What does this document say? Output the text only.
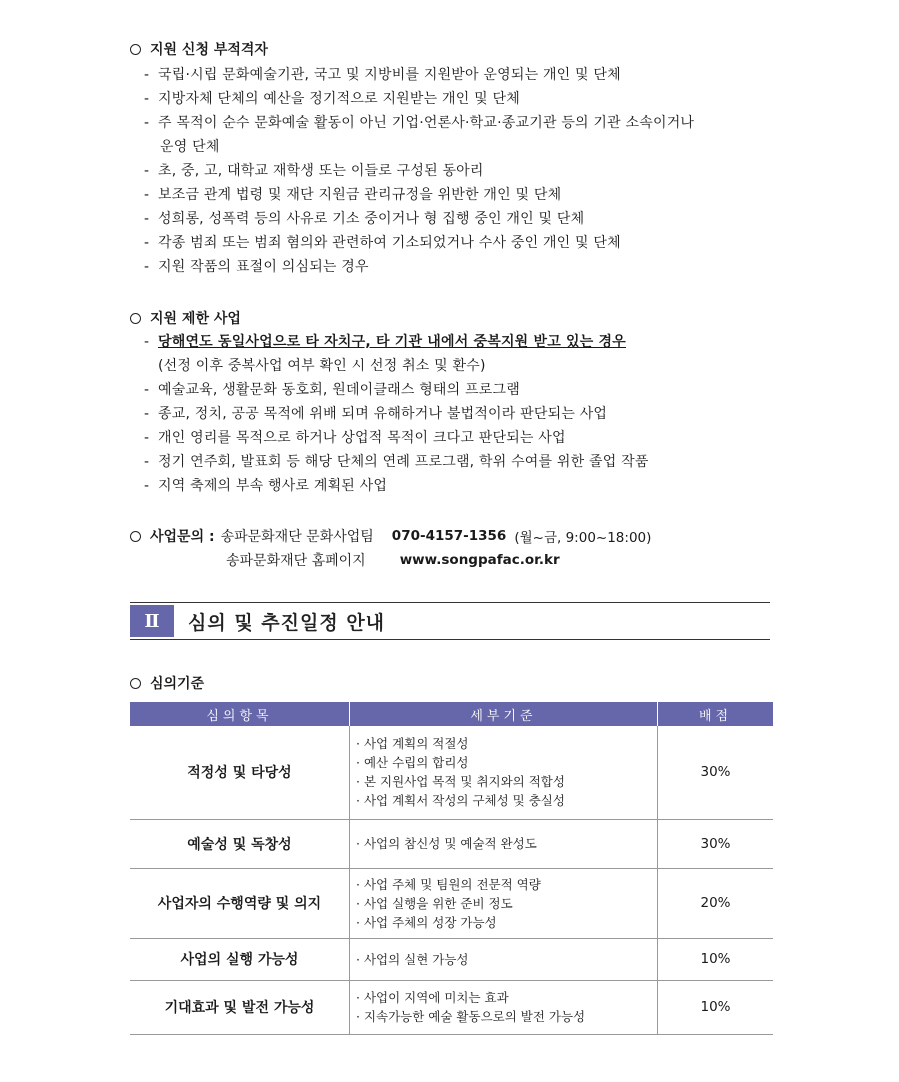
지원 신청 부적격자
- 국립·시립 문화예술기관, 국고 및 지방비를 지원받아 운영되는 개인 및 단체
- 지방자체 단체의 예산을 정기적으로 지원받는 개인 및 단체
- 주 목적이 순수 문화예술 활동이 아닌 기업·언론사·학교·종교기관 등의 기관 소속이거나
운영 단체
- 초, 중, 고, 대학교 재학생 또는 이들로 구성된 동아리
- 보조금 관계 법령 및 재단 지원금 관리규정을 위반한 개인 및 단체
- 성희롱, 성폭력 등의 사유로 기소 중이거나 형 집행 중인 개인 및 단체
- 각종 범죄 또는 범죄 혐의와 관련하여 기소되었거나 수사 중인 개인 및 단체
- 지원 작품의 표절이 의심되는 경우
지원 제한 사업
- 당해연도 동일사업으로 타 자치구, 타 기관 내에서 중복지원 받고 있는 경우
(선정 이후 중복사업 여부 확인 시 선정 취소 및 환수)
- 예술교육, 생활문화 동호회, 원데이클래스 형태의 프로그램
- 종교, 정치, 공공 목적에 위배 되며 유해하거나 불법적이라 판단되는 사업
- 개인 영리를 목적으로 하거나 상업적 목적이 크다고 판단되는 사업
- 정기 연주회, 발표회 등 해당 단체의 연례 프로그램, 학위 수여를 위한 졸업 작품
- 지역 축제의 부속 행사로 계획된 사업
사업문의 : 송파문화재단 문화사업팀 070-4157-1356 (월~금, 9:00~18:00)
송파문화재단 홈페이지	www.songpafac.or.kr
Ⅱ	심의 및 추진일정 안내
심의기준
심의항목	세부기준	배점
적정성 및 타당성	· 사업 계획의 적절성
· 예산 수립의 합리성
· 본 지원사업 목적 및 취지와의 적합성
· 사업 계획서 작성의 구체성 및 충실성	30%
예술성 및 독창성	· 사업의 참신성 및 예술적 완성도	30%
사업자의 수행역량 및 의지	· 사업 주체 및 팀원의 전문적 역량
· 사업 실행을 위한 준비 정도
· 사업 주체의 성장 가능성	20%
사업의 실행 가능성	· 사업의 실현 가능성	10%
기대효과 및 발전 가능성	· 사업이 지역에 미치는 효과
· 지속가능한 예술 활동으로의 발전 가능성	10%
